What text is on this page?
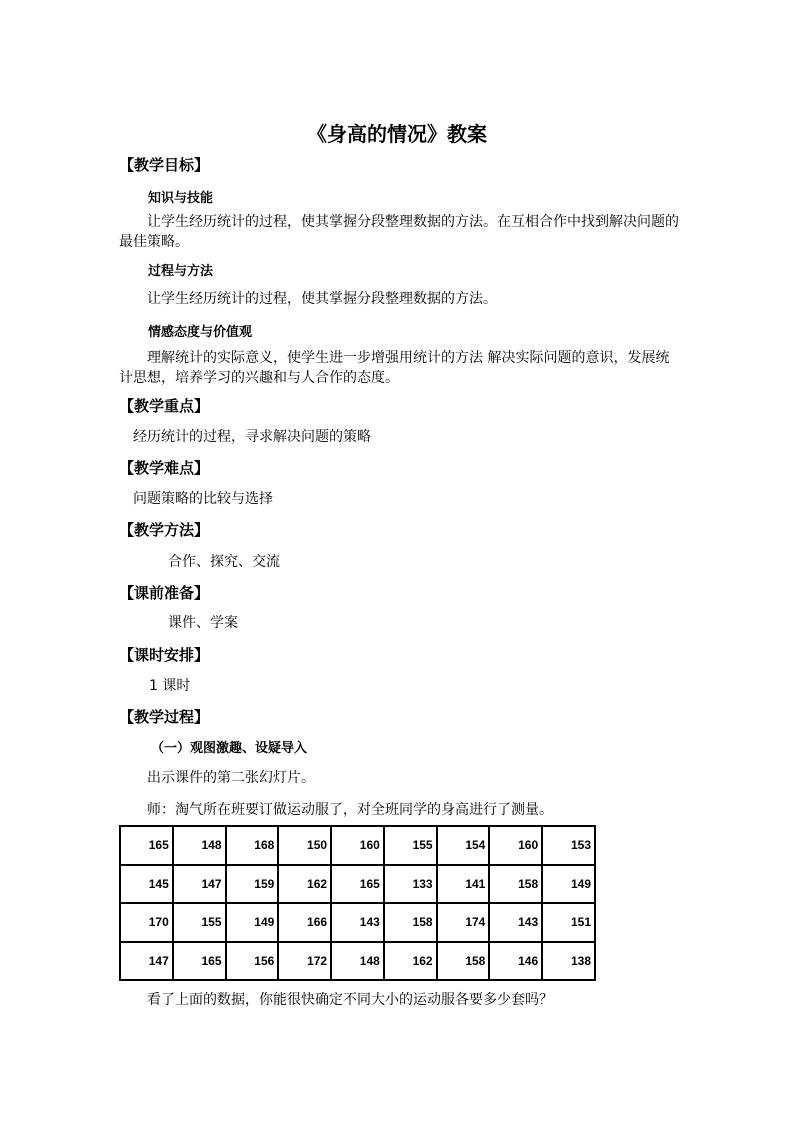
《身高的情况》教案
【教学目标】
知识与技能
让学生经历统计的过程，使其掌握分段整理数据的方法。在互相合作中找到解决问题的最佳策略。
过程与方法
让学生经历统计的过程，使其掌握分段整理数据的方法。
情感态度与价值观
理解统计的实际意义，使学生进一步增强用统计的方法 解决实际问题的意识，发展统计思想，培养学习的兴趣和与人合作的态度。
【教学重点】
经历统计的过程，寻求解决问题的策略
【教学难点】
问题策略的比较与选择
【教学方法】
合作、探究、交流
【课前准备】
课件、学案
【课时安排】
1 课时
【教学过程】
（一）观图激趣、设疑导入
出示课件的第二张幻灯片。
师：淘气所在班要订做运动服了，对全班同学的身高进行了测量。
165	148	168	150	160	155	154	160	153
145	147	159	162	165	133	141	158	149
170	155	149	166	143	158	174	143	151
147	165	156	172	148	162	158	146	138
看了上面的数据，你能很快确定不同大小的运动服各要多少套吗？
